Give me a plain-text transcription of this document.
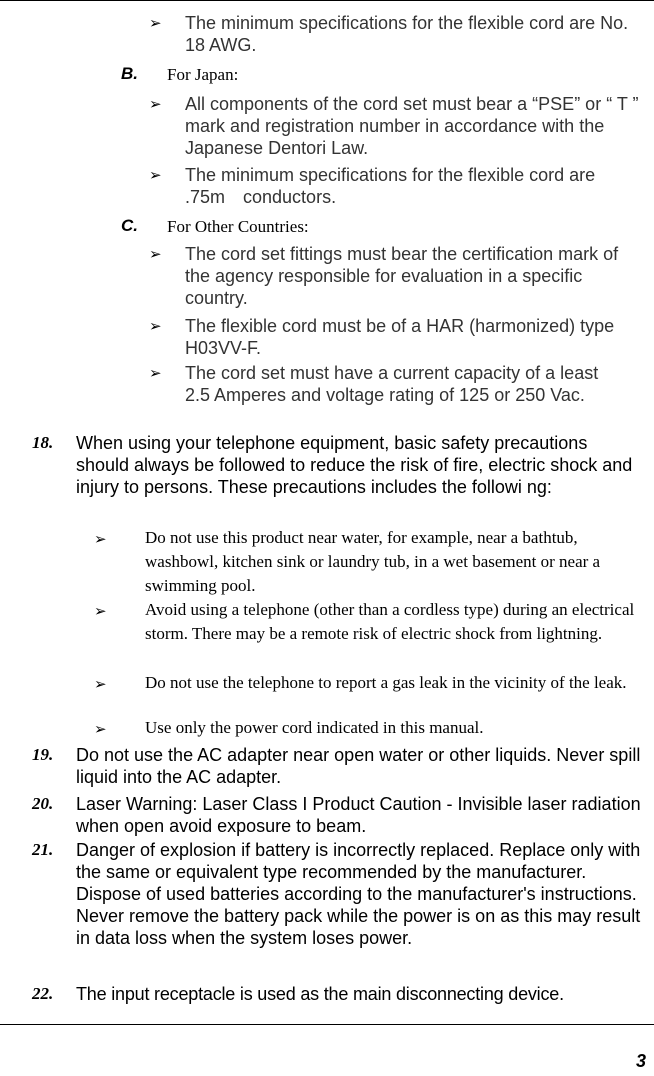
➢ The minimum specifications for the flexible cord are No. 18 AWG.

B. For Japan:
➢ All components of the cord set must bear a “PSE” or “ T ” mark and registration number in accordance with the Japanese Dentori Law.

➢ The minimum specifications for the flexible cord are .75m　conductors.

C. For Other Countries:
➢ The cord set fittings must bear the certification mark of the agency responsible for evaluation in a specific country.

➢ The flexible cord must be of a HAR (harmonized) type H03VV-F.

➢ The cord set must have a current capacity of a least 2.5 Amperes and voltage rating of 125 or 250 Vac.

18. When using your telephone equipment, basic safety precautions should always be followed to reduce the risk of fire, electric shock and injury to persons. These precautions includes the followi ng:

➢ Do not use this product near water, for example, near a bathtub, washbowl, kitchen sink or laundry tub, in a wet basement or near a swimming pool.

➢ Avoid using a telephone (other than a cordless type) during an electrical storm. There may be a remote risk of electric shock from lightning.

➢ Do not use the telephone to report a gas leak in the vicinity of the leak.

➢ Use only the power cord indicated in this manual.

19. Do not use the AC adapter near open water or other liquids. Never spill liquid into the AC adapter.

20. Laser Warning: Laser Class I Product Caution - Invisible laser radiation when open avoid exposure to beam.

21. Danger of explosion if battery is incorrectly replaced. Replace only with the same or equivalent type recommended by the manufacturer. Dispose of used batteries according to the manufacturer's instructions. Never remove the battery pack while the power is on as this may result in data loss when the system loses power.

22. The input receptacle is used as the main disconnecting device.

3
